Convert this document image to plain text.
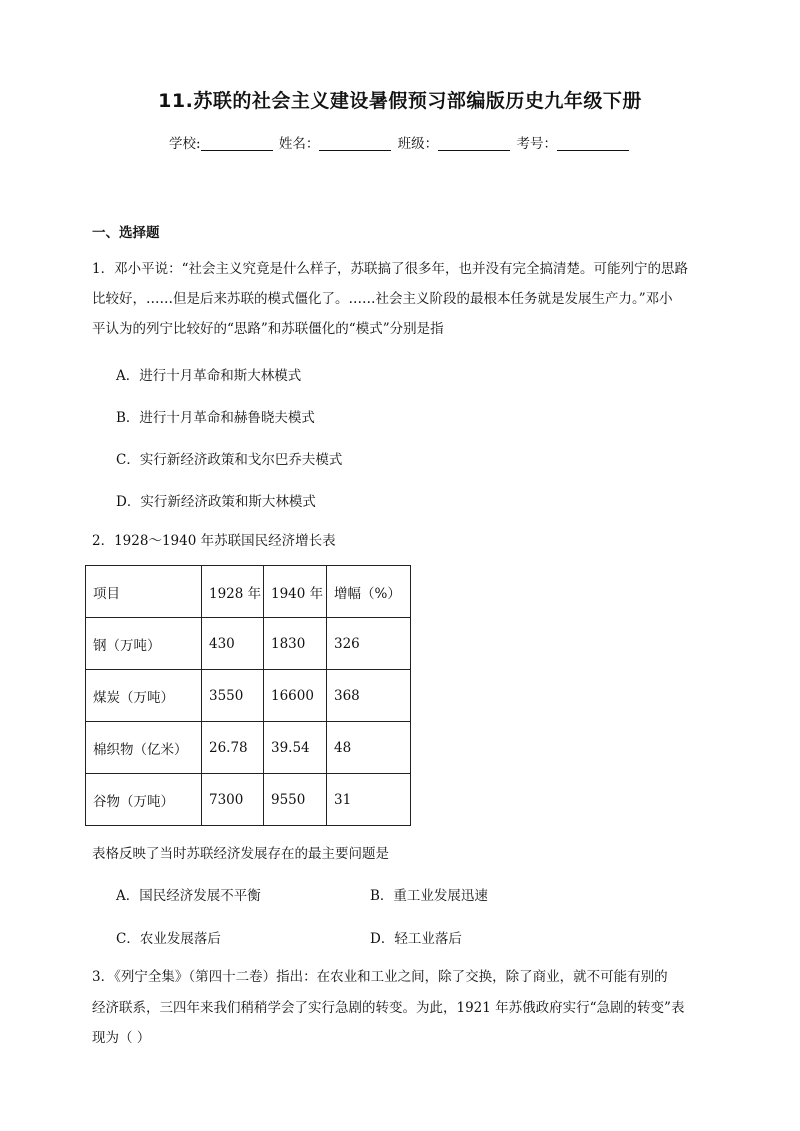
11.苏联的社会主义建设暑假预习部编版历史九年级下册
学校:	姓名：	班级：	考号：
一、选择题
1．邓小平说：“社会主义究竟是什么样子，苏联搞了很多年，也并没有完全搞清楚。可能列宁的思路
比较好，……但是后来苏联的模式僵化了。……社会主义阶段的最根本任务就是发展生产力。”邓小
平认为的列宁比较好的“思路”和苏联僵化的“模式”分别是指
A．进行十月革命和斯大林模式
B．进行十月革命和赫鲁晓夫模式
C．实行新经济政策和戈尔巴乔夫模式
D．实行新经济政策和斯大林模式
2．1928～1940 年苏联国民经济增长表
项目	1928 年	1940 年	增幅（%）
钢（万吨）	430	1830	326
煤炭（万吨）	3550	16600	368
棉织物（亿米）	26.78	39.54	48
谷物（万吨）	7300	9550	31
表格反映了当时苏联经济发展存在的最主要问题是
A．国民经济发展不平衡	B．重工业发展迅速
C．农业发展落后	D．轻工业落后
3．《列宁全集》（第四十二卷）指出：在农业和工业之间，除了交换，除了商业，就不可能有别的
经济联系，三四年来我们稍稍学会了实行急剧的转变。为此，1921 年苏俄政府实行“急剧的转变”表
现为（ ）
